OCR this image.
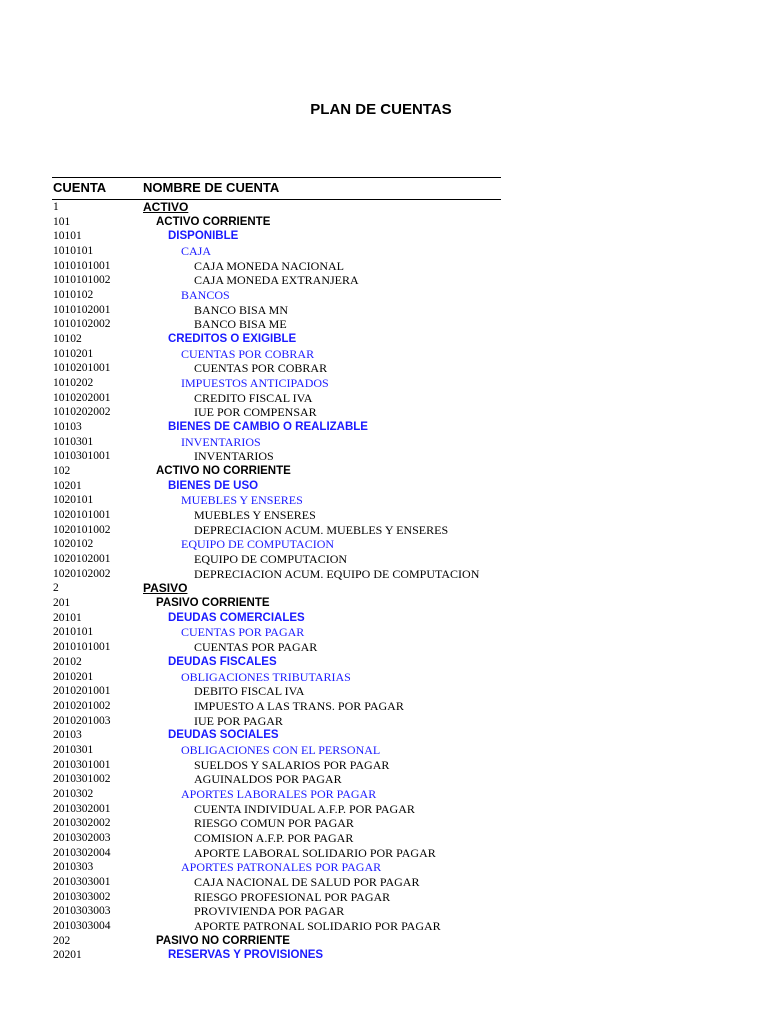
PLAN DE CUENTAS
CUENTA	NOMBRE DE CUENTA
1	ACTIVO
101	ACTIVO CORRIENTE
10101	DISPONIBLE
1010101	CAJA
1010101001	CAJA MONEDA NACIONAL
1010101002	CAJA MONEDA EXTRANJERA
1010102	BANCOS
1010102001	BANCO BISA MN
1010102002	BANCO BISA ME
10102	CREDITOS O EXIGIBLE
1010201	CUENTAS POR COBRAR
1010201001	CUENTAS POR COBRAR
1010202	IMPUESTOS ANTICIPADOS
1010202001	CREDITO FISCAL IVA
1010202002	IUE POR COMPENSAR
10103	BIENES DE CAMBIO O REALIZABLE
1010301	INVENTARIOS
1010301001	INVENTARIOS
102	ACTIVO NO CORRIENTE
10201	BIENES DE USO
1020101	MUEBLES Y ENSERES
1020101001	MUEBLES Y ENSERES
1020101002	DEPRECIACION ACUM. MUEBLES Y ENSERES
1020102	EQUIPO DE COMPUTACION
1020102001	EQUIPO DE COMPUTACION
1020102002	DEPRECIACION ACUM. EQUIPO DE COMPUTACION
2	PASIVO
201	PASIVO CORRIENTE
20101	DEUDAS COMERCIALES
2010101	CUENTAS POR PAGAR
2010101001	CUENTAS POR PAGAR
20102	DEUDAS FISCALES
2010201	OBLIGACIONES TRIBUTARIAS
2010201001	DEBITO FISCAL IVA
2010201002	IMPUESTO A LAS TRANS. POR PAGAR
2010201003	IUE POR PAGAR
20103	DEUDAS SOCIALES
2010301	OBLIGACIONES CON EL PERSONAL
2010301001	SUELDOS Y SALARIOS POR PAGAR
2010301002	AGUINALDOS POR PAGAR
2010302	APORTES LABORALES POR PAGAR
2010302001	CUENTA INDIVIDUAL A.F.P. POR PAGAR
2010302002	RIESGO COMUN POR PAGAR
2010302003	COMISION A.F.P. POR PAGAR
2010302004	APORTE LABORAL SOLIDARIO POR PAGAR
2010303	APORTES PATRONALES POR PAGAR
2010303001	CAJA NACIONAL DE SALUD POR PAGAR
2010303002	RIESGO PROFESIONAL POR PAGAR
2010303003	PROVIVIENDA POR PAGAR
2010303004	APORTE PATRONAL SOLIDARIO POR PAGAR
202	PASIVO NO CORRIENTE
20201	RESERVAS Y PROVISIONES
